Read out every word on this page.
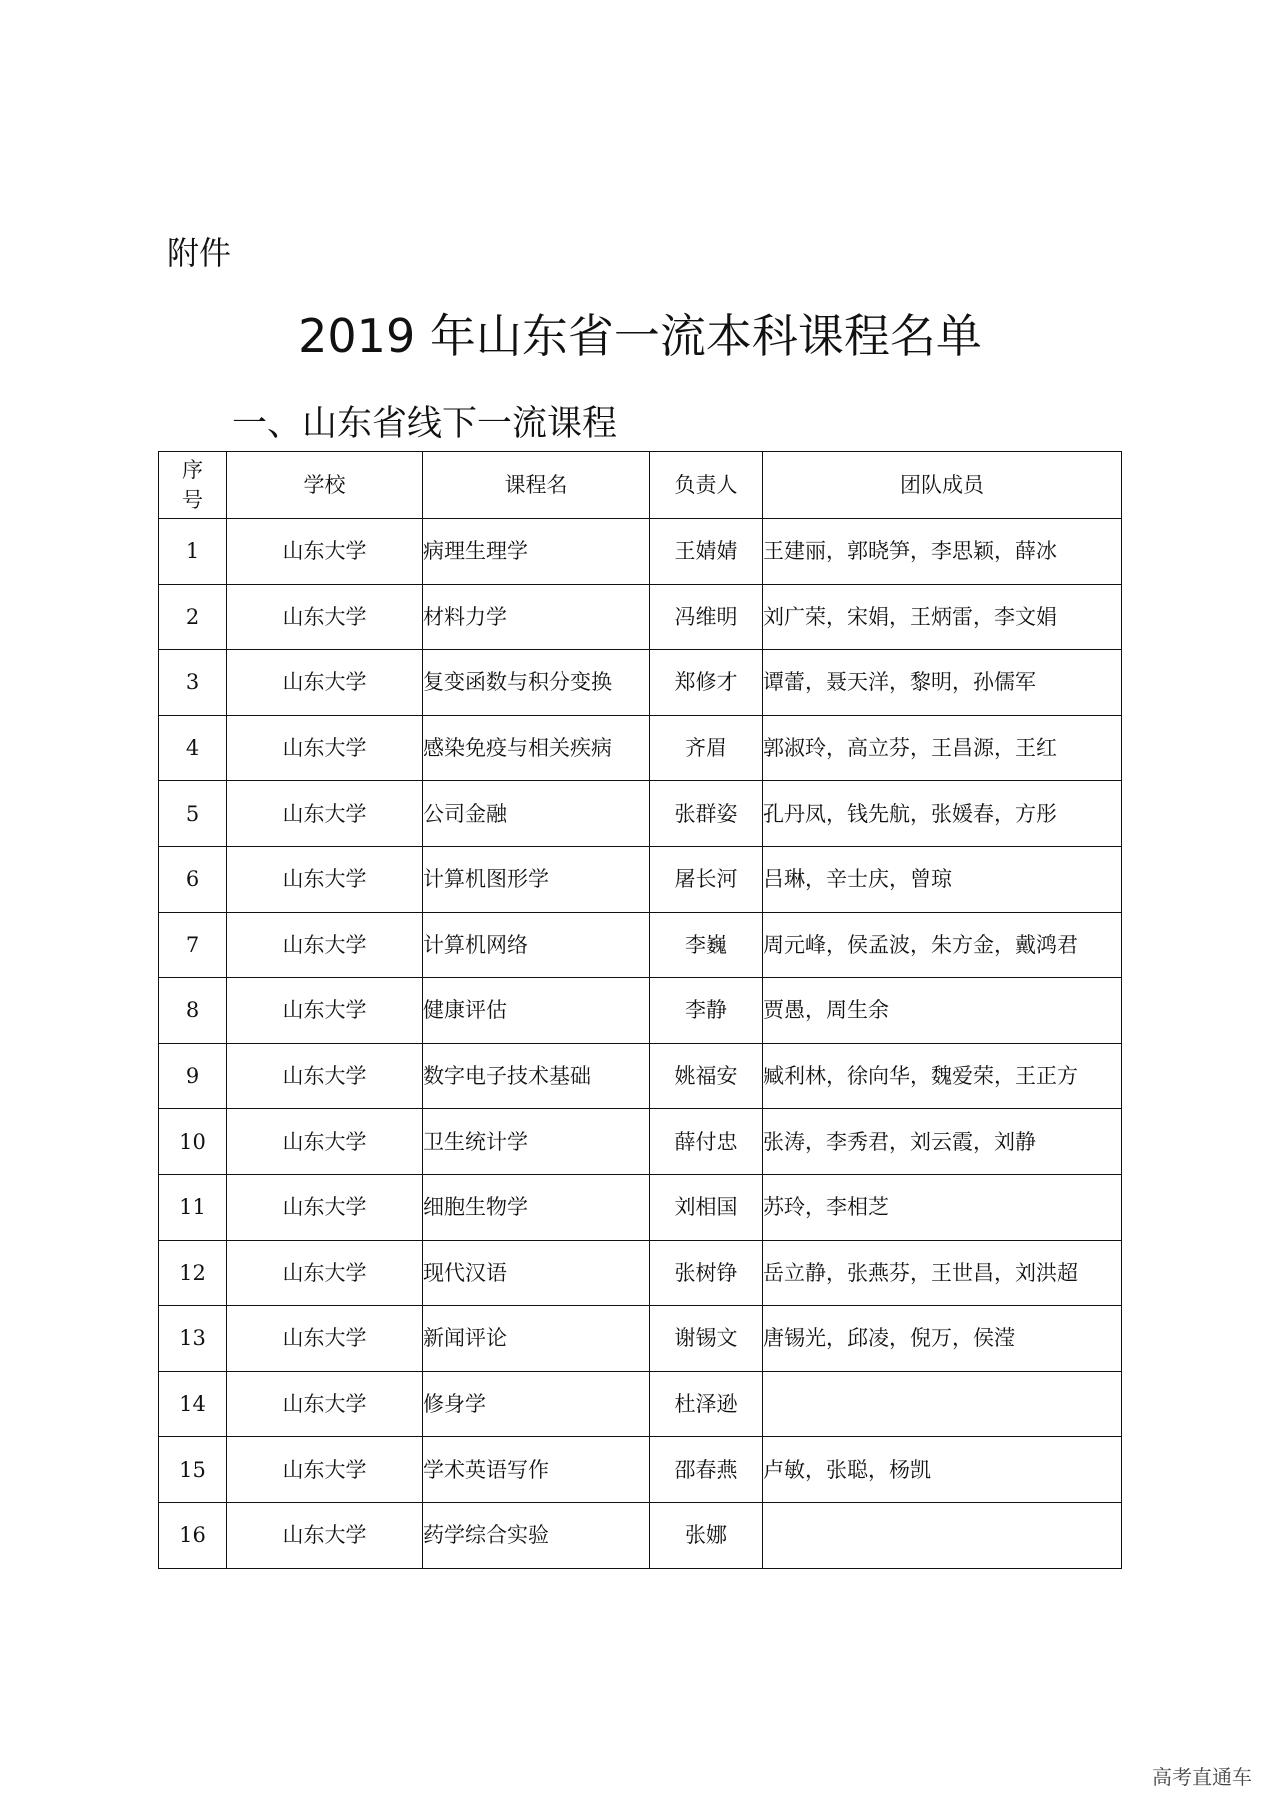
附件
2019 年山东省一流本科课程名单
一、山东省线下一流课程
序
号	学校	课程名	负责人	团队成员
1	山东大学	病理生理学	王婧婧	王建丽，郭晓笋，李思颖，薛冰
2	山东大学	材料力学	冯维明	刘广荣，宋娟，王炳雷，李文娟
3	山东大学	复变函数与积分变换	郑修才	谭蕾，聂天洋，黎明，孙儒军
4	山东大学	感染免疫与相关疾病	齐眉	郭淑玲，高立芬，王昌源，王红
5	山东大学	公司金融	张群姿	孔丹凤，钱先航，张媛春，方彤
6	山东大学	计算机图形学	屠长河	吕琳，辛士庆，曾琼
7	山东大学	计算机网络	李巍	周元峰，侯孟波，朱方金，戴鸿君
8	山东大学	健康评估	李静	贾愚，周生余
9	山东大学	数字电子技术基础	姚福安	臧利林，徐向华，魏爱荣，王正方
10	山东大学	卫生统计学	薛付忠	张涛，李秀君，刘云霞，刘静
11	山东大学	细胞生物学	刘相国	苏玲，李相芝
12	山东大学	现代汉语	张树铮	岳立静，张燕芬，王世昌，刘洪超
13	山东大学	新闻评论	谢锡文	唐锡光，邱凌，倪万，侯滢
14	山东大学	修身学	杜泽逊	
15	山东大学	学术英语写作	邵春燕	卢敏，张聪，杨凯
16	山东大学	药学综合实验	张娜	
高考直通车
